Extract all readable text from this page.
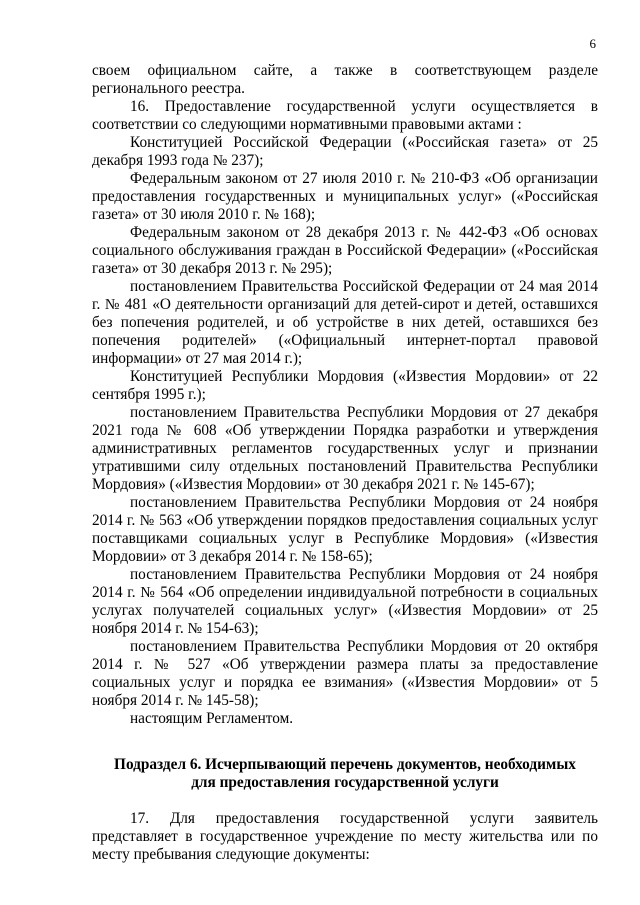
6

своем официальном сайте, а также в соответствующем разделе регионального реестра.

16. Предоставление государственной услуги осуществляется в соответствии со следующими нормативными правовыми актами :

Конституцией Российской Федерации («Российская газета» от 25 декабря 1993 года № 237);

Федеральным законом от 27 июля 2010 г. № 210-ФЗ «Об организации предоставления государственных и муниципальных услуг» («Российская газета» от 30 июля 2010 г. № 168);

Федеральным законом от 28 декабря 2013 г. № 442-ФЗ «Об основах социального обслуживания граждан в Российской Федерации» («Российская газета» от 30 декабря 2013 г. № 295);

постановлением Правительства Российской Федерации от 24 мая 2014 г. № 481 «О деятельности организаций для детей-сирот и детей, оставшихся без попечения родителей, и об устройстве в них детей, оставшихся без попечения родителей» («Официальный интернет-портал правовой информации» от 27 мая 2014 г.);

Конституцией Республики Мордовия («Известия Мордовии» от 22 сентября 1995 г.);

постановлением Правительства Республики Мордовия от 27 декабря 2021 года № 608 «Об утверждении Порядка разработки и утверждения административных регламентов государственных услуг и признании утратившими силу отдельных постановлений Правительства Республики Мордовия» («Известия Мордовии» от 30 декабря 2021 г. № 145-67);

постановлением Правительства Республики Мордовия от 24 ноября 2014 г. № 563 «Об утверждении порядков предоставления социальных услуг поставщиками социальных услуг в Республике Мордовия» («Известия Мордовии» от 3 декабря 2014 г. № 158-65);

постановлением Правительства Республики Мордовия от 24 ноября 2014 г. № 564 «Об определении индивидуальной потребности в социальных услугах получателей социальных услуг» («Известия Мордовии» от 25 ноября 2014 г. № 154-63);

постановлением Правительства Республики Мордовия от 20 октября 2014 г. № 527 «Об утверждении размера платы за предоставление социальных услуг и порядка ее взимания» («Известия Мордовии» от 5 ноября 2014 г. № 145-58);

настоящим Регламентом.

Подраздел 6. Исчерпывающий перечень документов, необходимых
для предоставления государственной услуги

17. Для предоставления государственной услуги заявитель представляет в государственное учреждение по месту жительства или по месту пребывания следующие документы:
